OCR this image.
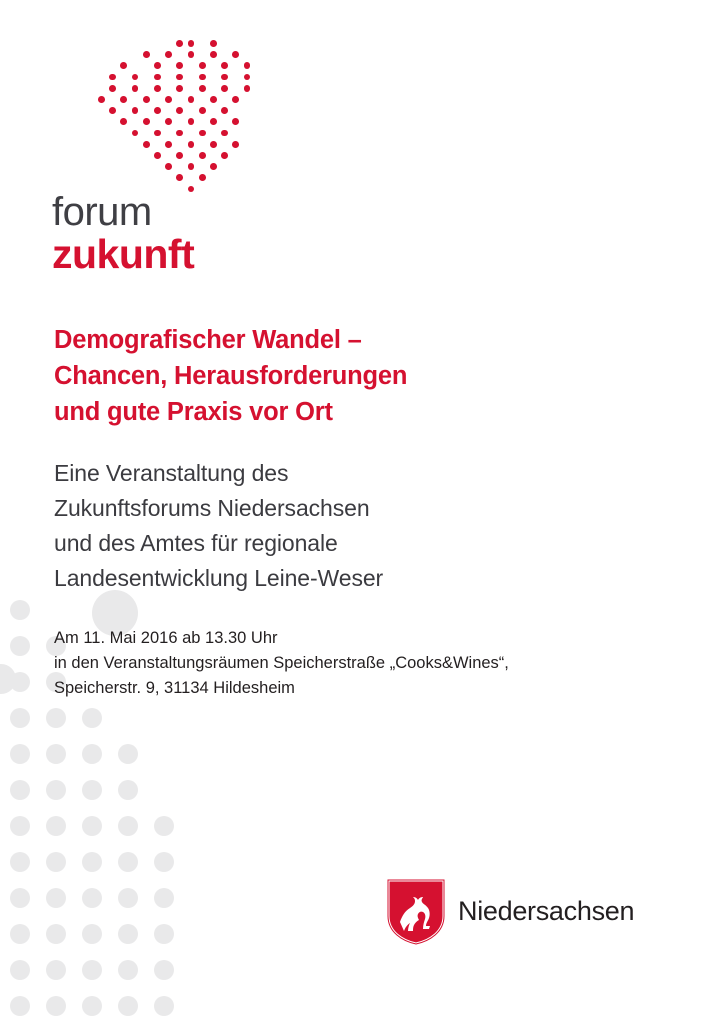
forum
zukunft
Demografischer Wandel –
Chancen, Herausforderungen
und gute Praxis vor Ort
Eine Veranstaltung des
Zukunftsforums Niedersachsen
und des Amtes für regionale
Landesentwicklung Leine-Weser

Am 11. Mai 2016 ab 13.30 Uhr
in den Veranstaltungsräumen Speicherstraße „Cooks&Wines“,
Speicherstr. 9, 31134 Hildesheim

Niedersachsen
